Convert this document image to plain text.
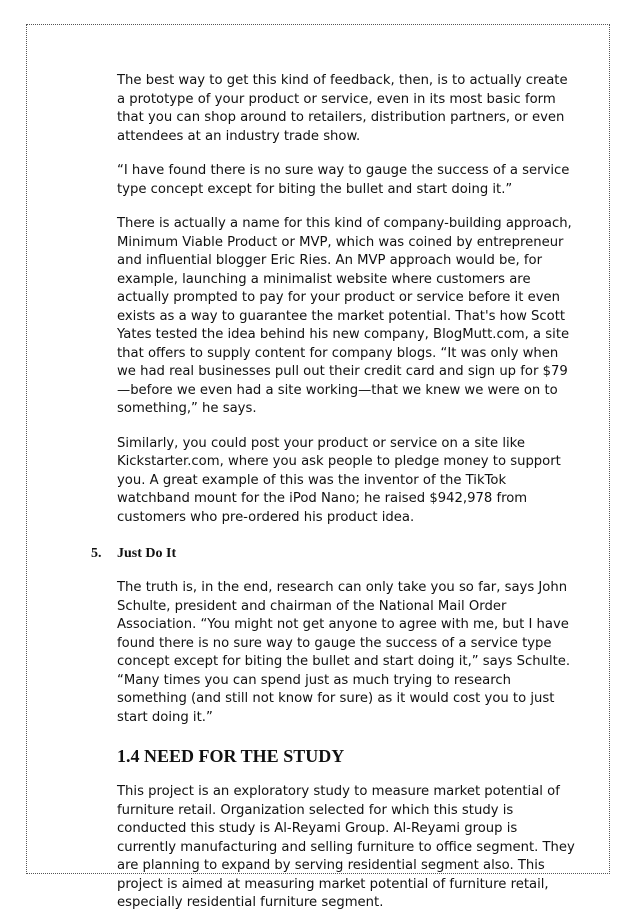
The best way to get this kind of feedback, then, is to actually create a prototype of your product or service, even in its most basic form that you can shop around to retailers, distribution partners, or even attendees at an industry trade show.

“I have found there is no sure way to gauge the success of a service type concept except for biting the bullet and start doing it.”

There is actually a name for this kind of company-building approach, Minimum Viable Product or MVP, which was coined by entrepreneur and influential blogger Eric Ries. An MVP approach would be, for example, launching a minimalist website where customers are actually prompted to pay for your product or service before it even exists as a way to guarantee the market potential. That's how Scott Yates tested the idea behind his new company, BlogMutt.com, a site that offers to supply content for company blogs. “It was only when we had real businesses pull out their credit card and sign up for $79—before we even had a site working—that we knew we were on to something,” he says.

Similarly, you could post your product or service on a site like Kickstarter.com, where you ask people to pledge money to support you. A great example of this was the inventor of the TikTok watchband mount for the iPod Nano; he raised $942,978 from customers who pre-ordered his product idea.

5. Just Do It

The truth is, in the end, research can only take you so far, says John Schulte, president and chairman of the National Mail Order Association. “You might not get anyone to agree with me, but I have found there is no sure way to gauge the success of a service type concept except for biting the bullet and start doing it,” says Schulte. “Many times you can spend just as much trying to research something (and still not know for sure) as it would cost you to just start doing it.”

1.4 NEED FOR THE STUDY

This project is an exploratory study to measure market potential of furniture retail. Organization selected for which this study is conducted this study is Al-Reyami Group. Al-Reyami group is currently manufacturing and selling furniture to office segment. They are planning to expand by serving residential segment also. This project is aimed at measuring market potential of furniture retail, especially residential furniture segment.
